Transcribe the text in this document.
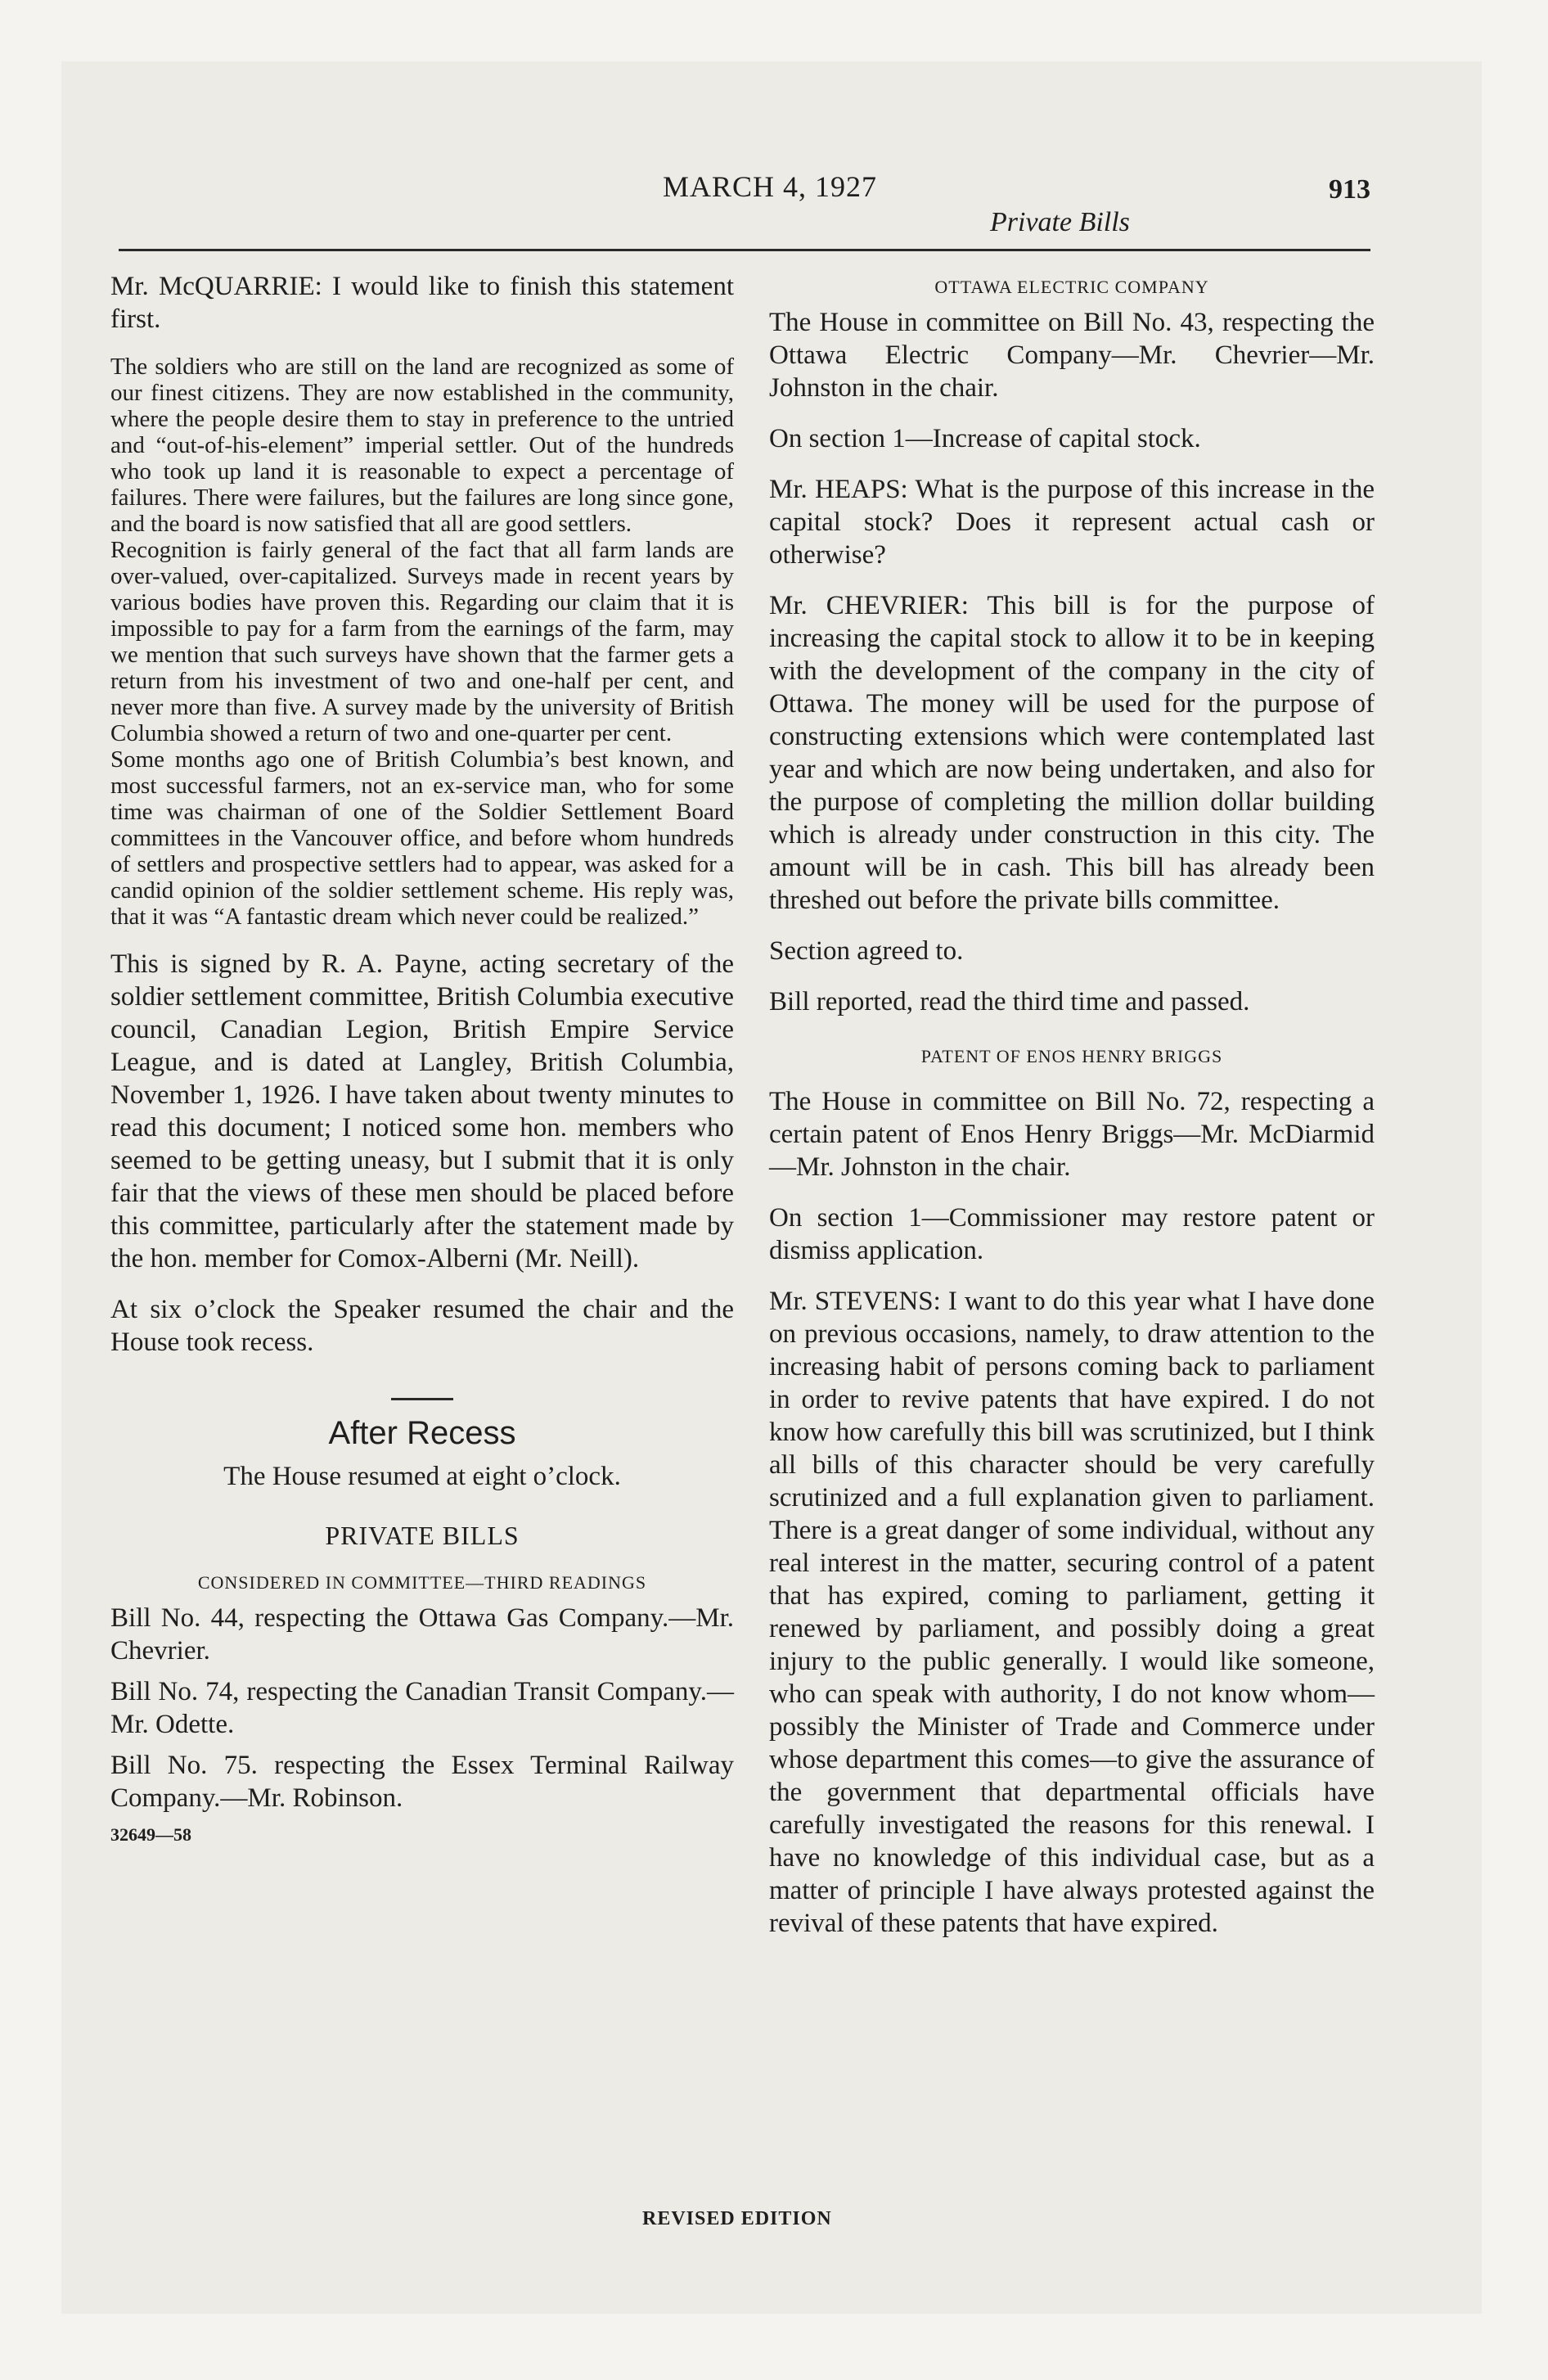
MARCH 4, 1927
Private Bills
913

Mr. McQUARRIE: I would like to finish this statement first.

The soldiers who are still on the land are recognized as some of our finest citizens. They are now established in the community, where the people desire them to stay in preference to the untried and “out-of-his-element” imperial settler. Out of the hundreds who took up land it is reasonable to expect a percentage of failures. There were failures, but the failures are long since gone, and the board is now satisfied that all are good settlers.

Recognition is fairly general of the fact that all farm lands are over-valued, over-capitalized. Surveys made in recent years by various bodies have proven this. Regarding our claim that it is impossible to pay for a farm from the earnings of the farm, may we mention that such surveys have shown that the farmer gets a return from his investment of two and one-half per cent, and never more than five. A survey made by the university of British Columbia showed a return of two and one-quarter per cent.

Some months ago one of British Columbia’s best known, and most successful farmers, not an ex-service man, who for some time was chairman of one of the Soldier Settlement Board committees in the Vancouver office, and before whom hundreds of settlers and prospective settlers had to appear, was asked for a candid opinion of the soldier settlement scheme. His reply was, that it was “A fantastic dream which never could be realized.”

This is signed by R. A. Payne, acting secretary of the soldier settlement committee, British Columbia executive council, Canadian Legion, British Empire Service League, and is dated at Langley, British Columbia, November 1, 1926. I have taken about twenty minutes to read this document; I noticed some hon. members who seemed to be getting uneasy, but I submit that it is only fair that the views of these men should be placed before this committee, particularly after the statement made by the hon. member for Comox-Alberni (Mr. Neill).

At six o’clock the Speaker resumed the chair and the House took recess.

After Recess

The House resumed at eight o’clock.

PRIVATE BILLS
CONSIDERED IN COMMITTEE—THIRD READINGS

Bill No. 44, respecting the Ottawa Gas Company.—Mr. Chevrier.

Bill No. 74, respecting the Canadian Transit Company.—Mr. Odette.

Bill No. 75. respecting the Essex Terminal Railway Company.—Mr. Robinson.

32649—58
OTTAWA ELECTRIC COMPANY

The House in committee on Bill No. 43, respecting the Ottawa Electric Company—Mr. Chevrier—Mr. Johnston in the chair.

On section 1—Increase of capital stock.

Mr. HEAPS: What is the purpose of this increase in the capital stock? Does it represent actual cash or otherwise?

Mr. CHEVRIER: This bill is for the purpose of increasing the capital stock to allow it to be in keeping with the development of the company in the city of Ottawa. The money will be used for the purpose of constructing extensions which were contemplated last year and which are now being undertaken, and also for the purpose of completing the million dollar building which is already under construction in this city. The amount will be in cash. This bill has already been threshed out before the private bills committee.

Section agreed to.

Bill reported, read the third time and passed.

PATENT OF ENOS HENRY BRIGGS

The House in committee on Bill No. 72, respecting a certain patent of Enos Henry Briggs—Mr. McDiarmid—Mr. Johnston in the chair.

On section 1—Commissioner may restore patent or dismiss application.

Mr. STEVENS: I want to do this year what I have done on previous occasions, namely, to draw attention to the increasing habit of persons coming back to parliament in order to revive patents that have expired. I do not know how carefully this bill was scrutinized, but I think all bills of this character should be very carefully scrutinized and a full explanation given to parliament. There is a great danger of some individual, without any real interest in the matter, securing control of a patent that has expired, coming to parliament, getting it renewed by parliament, and possibly doing a great injury to the public generally. I would like someone, who can speak with authority, I do not know whom—possibly the Minister of Trade and Commerce under whose department this comes—to give the assurance of the government that departmental officials have carefully investigated the reasons for this renewal. I have no knowledge of this individual case, but as a matter of principle I have always protested against the revival of these patents that have expired.

REVISED EDITION
